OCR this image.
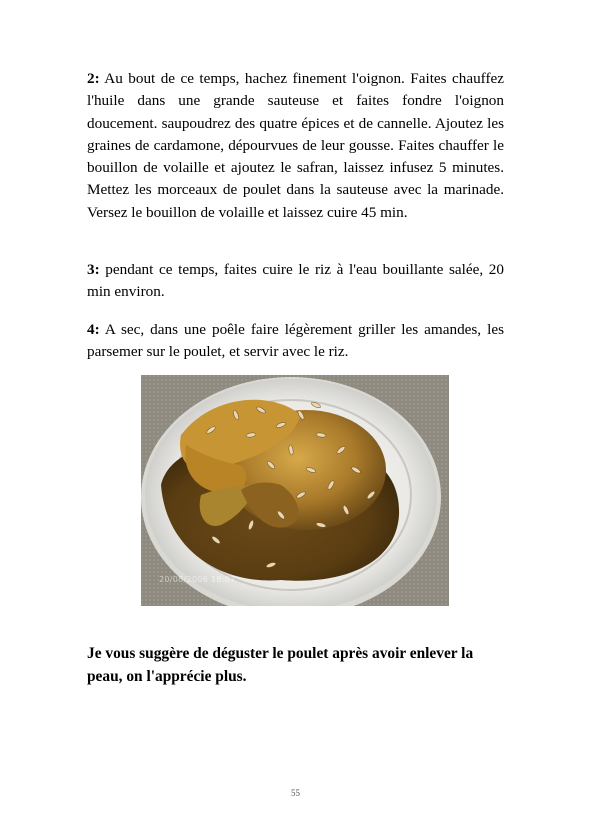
2: Au bout de ce temps, hachez finement l'oignon. Faites chauffez l'huile dans une grande sauteuse et faites fondre l'oignon doucement. saupoudrez des quatre épices et de cannelle. Ajoutez les graines de cardamone, dépourvues de leur gousse. Faites chauffer le bouillon de volaille et ajoutez le safran, laissez infusez 5 minutes. Mettez les morceaux de poulet dans la sauteuse avec la marinade. Versez le bouillon de volaille et laissez cuire 45 min.

3: pendant ce temps, faites cuire le riz à l'eau bouillante salée, 20 min environ.

4: A sec, dans une poêle faire légèrement griller les amandes, les parsemer sur le poulet, et servir avec le riz.

20/08/2006 18:07

Je vous suggère de déguster le poulet après avoir enlever la peau, on l'apprécie plus.

55
